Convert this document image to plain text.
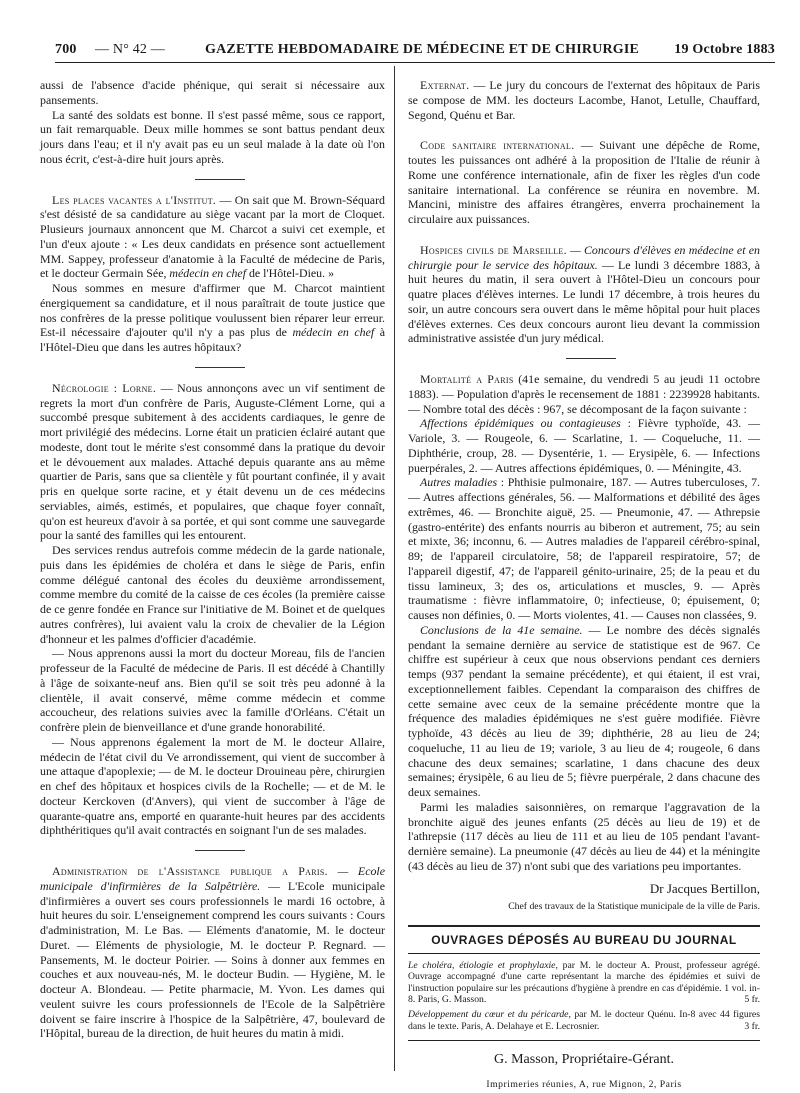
700 — N° 42 —	GAZETTE HEBDOMADAIRE DE MÉDECINE ET DE CHIRURGIE	19 Octobre 1883

aussi de l'absence d'acide phénique, qui serait si nécessaire aux pansements.

La santé des soldats est bonne. Il s'est passé même, sous ce rapport, un fait remarquable. Deux mille hommes se sont battus pendant deux jours dans l'eau; et il n'y avait pas eu un seul malade à la date où l'on nous écrit, c'est-à-dire huit jours après.

Les places vacantes a l'Institut. — On sait que M. Brown-Séquard s'est désisté de sa candidature au siège vacant par la mort de Cloquet. Plusieurs journaux annoncent que M. Charcot a suivi cet exemple, et l'un d'eux ajoute : « Les deux candidats en présence sont actuellement MM. Sappey, professeur d'anatomie à la Faculté de médecine de Paris, et le docteur Germain Sée, médecin en chef de l'Hôtel-Dieu. »

Nous sommes en mesure d'affirmer que M. Charcot maintient énergiquement sa candidature, et il nous paraîtrait de toute justice que nos confrères de la presse politique voulussent bien réparer leur erreur. Est-il nécessaire d'ajouter qu'il n'y a pas plus de médecin en chef à l'Hôtel-Dieu que dans les autres hôpitaux?

Nécrologie : Lorne. — Nous annonçons avec un vif sentiment de regrets la mort d'un confrère de Paris, Auguste-Clément Lorne, qui a succombé presque subitement à des accidents cardiaques, le genre de mort privilégié des médecins. Lorne était un praticien éclairé autant que modeste, dont tout le mérite s'est consommé dans la pratique du devoir et le dévouement aux malades. Attaché depuis quarante ans au même quartier de Paris, sans que sa clientèle y fût pourtant confinée, il y avait pris en quelque sorte racine, et y était devenu un de ces médecins serviables, aimés, estimés, et populaires, que chaque foyer connaît, qu'on est heureux d'avoir à sa portée, et qui sont comme une sauvegarde pour la santé des familles qui les entourent.

Des services rendus autrefois comme médecin de la garde nationale, puis dans les épidémies de choléra et dans le siège de Paris, enfin comme délégué cantonal des écoles du deuxième arrondissement, comme membre du comité de la caisse de ces écoles (la première caisse de ce genre fondée en France sur l'initiative de M. Boinet et de quelques autres confrères), lui avaient valu la croix de chevalier de la Légion d'honneur et les palmes d'officier d'académie.

— Nous apprenons aussi la mort du docteur Moreau, fils de l'ancien professeur de la Faculté de médecine de Paris. Il est décédé à Chantilly à l'âge de soixante-neuf ans. Bien qu'il se soit très peu adonné à la clientèle, il avait conservé, même comme médecin et comme accoucheur, des relations suivies avec la famille d'Orléans. C'était un confrère plein de bienveillance et d'une grande honorabilité.

— Nous apprenons également la mort de M. le docteur Allaire, médecin de l'état civil du Ve arrondissement, qui vient de succomber à une attaque d'apoplexie; — de M. le docteur Drouineau père, chirurgien en chef des hôpitaux et hospices civils de la Rochelle; — et de M. le docteur Kerckoven (d'Anvers), qui vient de succomber à l'âge de quarante-quatre ans, emporté en quarante-huit heures par des accidents diphthéritiques qu'il avait contractés en soignant l'un de ses malades.

Administration de l'Assistance publique a Paris. — Ecole municipale d'infirmières de la Salpêtrière. — L'Ecole municipale d'infirmières a ouvert ses cours professionnels le mardi 16 octobre, à huit heures du soir. L'enseignement comprend les cours suivants : Cours d'administration, M. Le Bas. — Eléments d'anatomie, M. le docteur Duret. — Eléments de physiologie, M. le docteur P. Regnard. — Pansements, M. le docteur Poirier. — Soins à donner aux femmes en couches et aux nouveau-nés, M. le docteur Budin. — Hygiène, M. le docteur A. Blondeau. — Petite pharmacie, M. Yvon. Les dames qui veulent suivre les cours professionnels de l'Ecole de la Salpêtrière doivent se faire inscrire à l'hospice de la Salpêtrière, 47, boulevard de l'Hôpital, bureau de la direction, de huit heures du matin à midi.

Externat. — Le jury du concours de l'externat des hôpitaux de Paris se compose de MM. les docteurs Lacombe, Hanot, Letulle, Chauffard, Segond, Quénu et Bar.

Code sanitaire international. — Suivant une dépêche de Rome, toutes les puissances ont adhéré à la proposition de l'Italie de réunir à Rome une conférence internationale, afin de fixer les règles d'un code sanitaire international. La conférence se réunira en novembre. M. Mancini, ministre des affaires étrangères, enverra prochainement la circulaire aux puissances.

Hospices civils de Marseille. — Concours d'élèves en médecine et en chirurgie pour le service des hôpitaux. — Le lundi 3 décembre 1883, à huit heures du matin, il sera ouvert à l'Hôtel-Dieu un concours pour quatre places d'élèves internes. Le lundi 17 décembre, à trois heures du soir, un autre concours sera ouvert dans le même hôpital pour huit places d'élèves externes. Ces deux concours auront lieu devant la commission administrative assistée d'un jury médical.

Mortalité a Paris (41e semaine, du vendredi 5 au jeudi 11 octobre 1883). — Population d'après le recensement de 1881 : 2239928 habitants. — Nombre total des décès : 967, se décomposant de la façon suivante :

Affections épidémiques ou contagieuses : Fièvre typhoïde, 43. — Variole, 3. — Rougeole, 6. — Scarlatine, 1. — Coqueluche, 11. — Diphthérie, croup, 28. — Dysentérie, 1. — Erysipèle, 6. — Infections puerpérales, 2. — Autres affections épidémiques, 0. — Méningite, 43.

Autres maladies : Phthisie pulmonaire, 187. — Autres tuberculoses, 7. — Autres affections générales, 56. — Malformations et débilité des âges extrêmes, 46. — Bronchite aiguë, 25. — Pneumonie, 47. — Athrepsie (gastro-entérite) des enfants nourris au biberon et autrement, 75; au sein et mixte, 36; inconnu, 6. — Autres maladies de l'appareil cérébro-spinal, 89; de l'appareil circulatoire, 58; de l'appareil respiratoire, 57; de l'appareil digestif, 47; de l'appareil génito-urinaire, 25; de la peau et du tissu lamineux, 3; des os, articulations et muscles, 9. — Après traumatisme : fièvre inflammatoire, 0; infectieuse, 0; épuisement, 0; causes non définies, 0. — Morts violentes, 41. — Causes non classées, 9.

Conclusions de la 41e semaine. — Le nombre des décès signalés pendant la semaine dernière au service de statistique est de 967. Ce chiffre est supérieur à ceux que nous observions pendant ces derniers temps (937 pendant la semaine précédente), et qui étaient, il est vrai, exceptionnellement faibles. Cependant la comparaison des chiffres de cette semaine avec ceux de la semaine précédente montre que la fréquence des maladies épidémiques ne s'est guère modifiée. Fièvre typhoïde, 43 décès au lieu de 39; diphthérie, 28 au lieu de 24; coqueluche, 11 au lieu de 19; variole, 3 au lieu de 4; rougeole, 6 dans chacune des deux semaines; scarlatine, 1 dans chacune des deux semaines; érysipèle, 6 au lieu de 5; fièvre puerpérale, 2 dans chacune des deux semaines.

Parmi les maladies saisonnières, on remarque l'aggravation de la bronchite aiguë des jeunes enfants (25 décès au lieu de 19) et de l'athrepsie (117 décès au lieu de 111 et au lieu de 105 pendant l'avant-dernière semaine). La pneumonie (47 décès au lieu de 44) et la méningite (43 décès au lieu de 37) n'ont subi que des variations peu importantes.

Dr Jacques Bertillon,
Chef des travaux de la Statistique municipale de la ville de Paris.
OUVRAGES DÉPOSÉS AU BUREAU DU JOURNAL

Le choléra, étiologie et prophylaxie, par M. le docteur A. Proust, professeur agrégé. Ouvrage accompagné d'une carte représentant la marche des épidémies et suivi de l'instruction populaire sur les précautions d'hygiène à prendre en cas d'épidémie. 1 vol. in-8. Paris, G. Masson.	5 fr.

Développement du cœur et du péricarde, par M. le docteur Quénu. In-8 avec 44 figures dans le texte. Paris, A. Delahaye et E. Lecrosnier.	3 fr.

G. Masson, Propriétaire-Gérant.
Imprimeries réunies, A, rue Mignon, 2, Paris
